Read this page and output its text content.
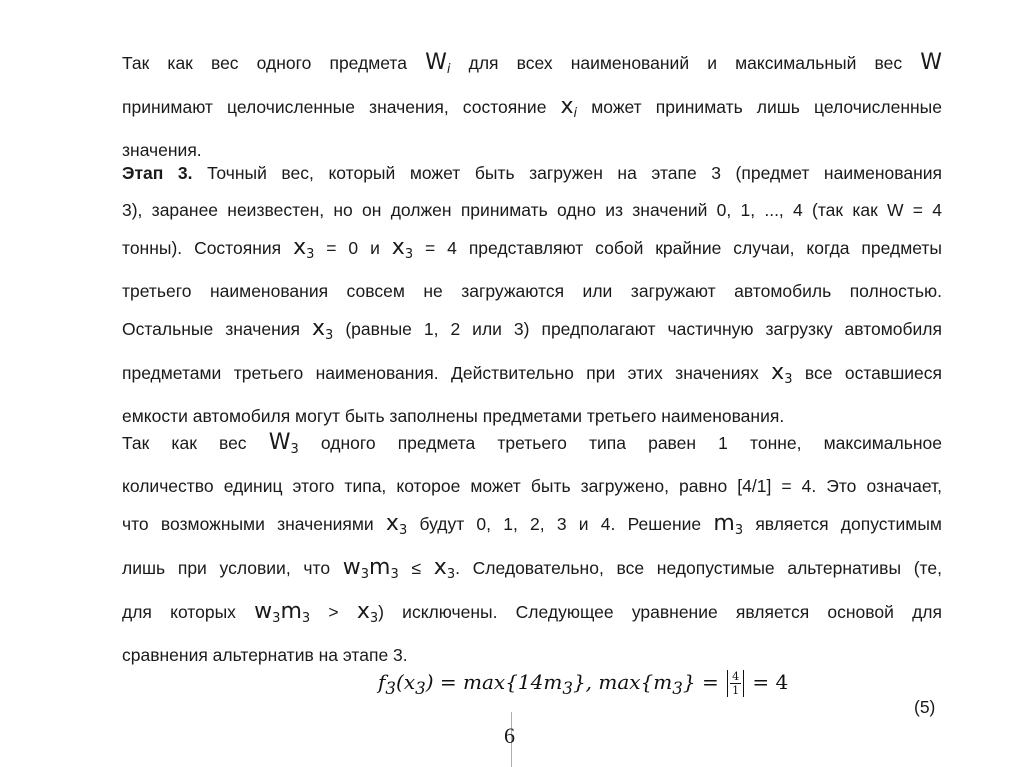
Так как вес одного предмета Wi для всех наименований и максимальный вес W
принимают целочисленные значения, состояние xi может принимать лишь целочисленные
значения.
Этап 3. Точный вес, который может быть загружен на этапе 3 (предмет наименования
3), заранее неизвестен, но он должен принимать одно из значений 0, 1, ..., 4 (так как W = 4
тонны). Состояния x3 = 0 и x3 = 4 представляют собой крайние случаи, когда предметы
третьего наименования совсем не загружаются или загружают автомобиль полностью.
Остальные значения x3 (равные 1, 2 или 3) предполагают частичную загрузку автомобиля
предметами третьего наименования. Действительно при этих значениях x3 все оставшиеся
емкости автомобиля могут быть заполнены предметами третьего наименования.
Так как вес W3 одного предмета третьего типа равен 1 тонне, максимальное
количество единиц этого типа, которое может быть загружено, равно [4/1] = 4. Это означает,
что возможными значениями x3 будут 0, 1, 2, 3 и 4. Решение m3 является допустимым
лишь при условии, что w3m3 ≤ x3. Следовательно, все недопустимые альтернативы (те,
для которых w3m3 > x3) исключены. Следующее уравнение является основой для
сравнения альтернатив на этапе 3.
$f_3(x_3) = \max\{14m_3\}$, $\max\{m_3\} = \frac{4}{1} = 4$
(5)
6
